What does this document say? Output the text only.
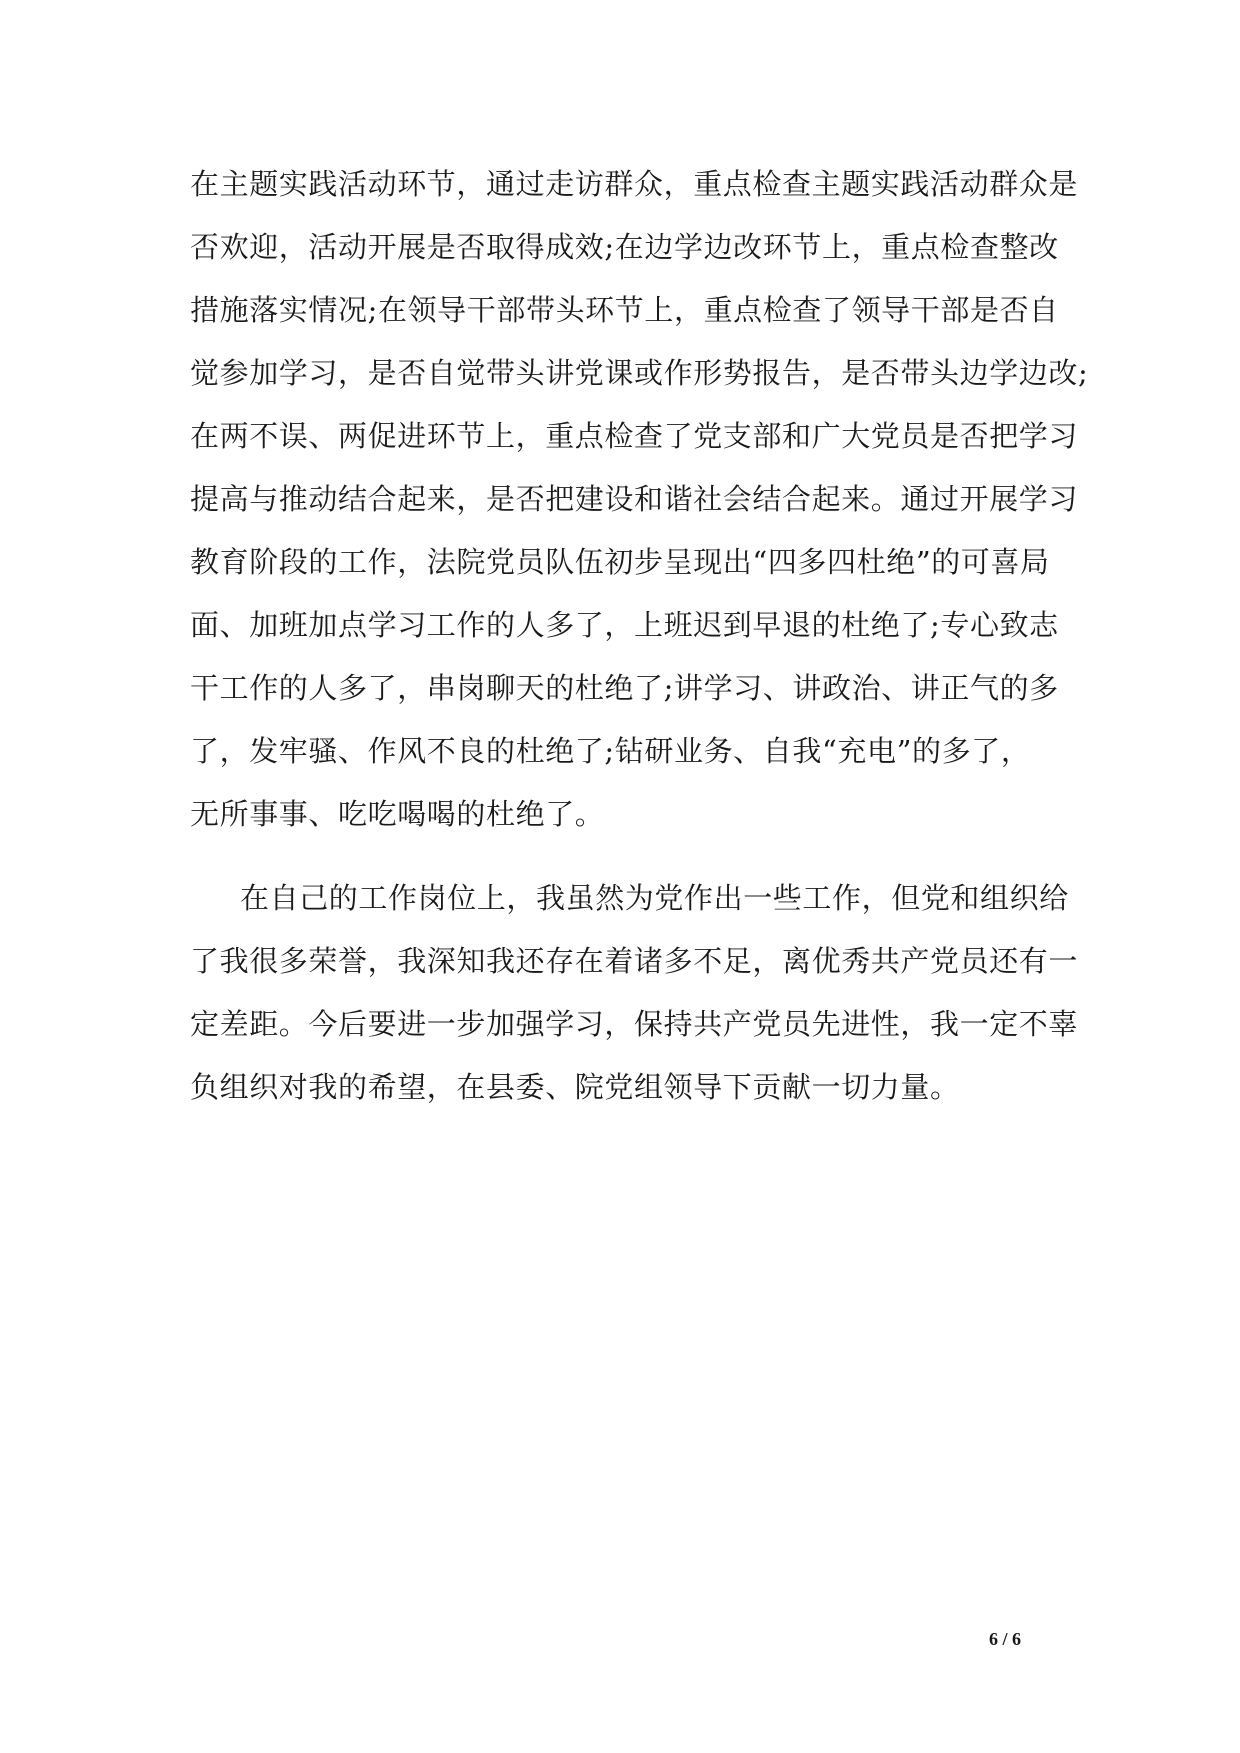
在主题实践活动环节，通过走访群众，重点检查主题实践活动群众是
否欢迎，活动开展是否取得成效;在边学边改环节上，重点检查整改
措施落实情况;在领导干部带头环节上，重点检查了领导干部是否自
觉参加学习，是否自觉带头讲党课或作形势报告，是否带头边学边改;
在两不误、两促进环节上，重点检查了党支部和广大党员是否把学习
提高与推动结合起来，是否把建设和谐社会结合起来。通过开展学习
教育阶段的工作，法院党员队伍初步呈现出“四多四杜绝”的可喜局
面、加班加点学习工作的人多了，上班迟到早退的杜绝了;专心致志
干工作的人多了，串岗聊天的杜绝了;讲学习、讲政治、讲正气的多
了，发牢骚、作风不良的杜绝了;钻研业务、自我“充电”的多了，
无所事事、吃吃喝喝的杜绝了。
在自己的工作岗位上，我虽然为党作出一些工作，但党和组织给
了我很多荣誉，我深知我还存在着诸多不足，离优秀共产党员还有一
定差距。今后要进一步加强学习，保持共产党员先进性，我一定不辜
负组织对我的希望，在县委、院党组领导下贡献一切力量。
6 / 6
